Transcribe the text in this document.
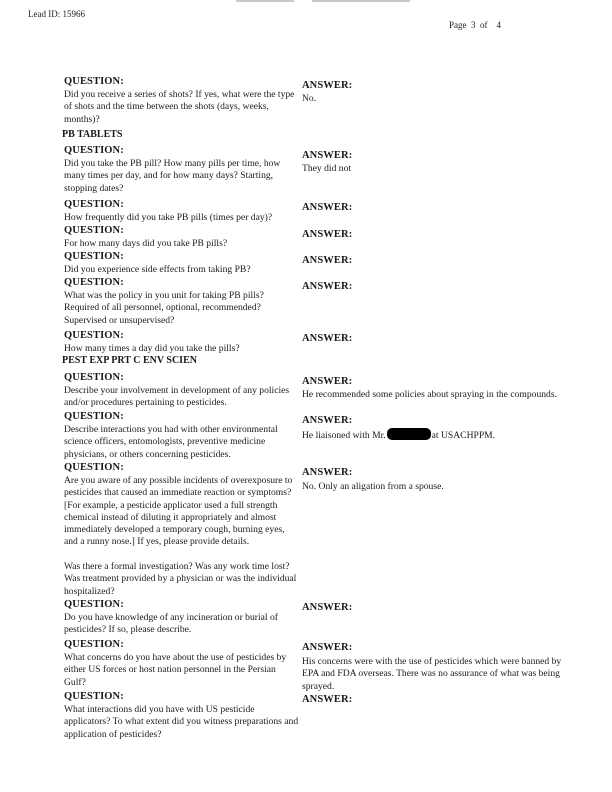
Lead ID: 15966
Page 3 of 4
QUESTION:
Did you receive a series of shots? If yes, what were the type of shots and the time between the shots (days, weeks, months)?
ANSWER:
No.
PB TABLETS
QUESTION:
Did you take the PB pill? How many pills per time, how many times per day, and for how many days? Starting, stopping dates?
ANSWER:
They did not
QUESTION:
How frequently did you take PB pills (times per day)?
ANSWER:
QUESTION:
For how many days did you take PB pills?
ANSWER:
QUESTION:
Did you experience side effects from taking PB?
ANSWER:
QUESTION:
What was the policy in you unit for taking PB pills? Required of all personnel, optional, recommended? Supervised or unsupervised?
ANSWER:
QUESTION:
How many times a day did you take the pills?
ANSWER:
PEST EXP PRT C ENV SCIEN
QUESTION:
Describe your involvement in development of any policies and/or procedures pertaining to pesticides.
ANSWER:
He recommended some policies about spraying in the compounds.
QUESTION:
Describe interactions you had with other environmental science officers, entomologists, preventive medicine physicians, or others concerning pesticides.
ANSWER:
He liaisoned with Mr.	at USACHPPM.
QUESTION:
Are you aware of any possible incidents of overexposure to pesticides that caused an immediate reaction or symptoms? [For example, a pesticide applicator used a full strength chemical instead of diluting it appropriately and almost immediately developed a temporary cough, burning eyes, and a runny nose.] If yes, please provide details.
Was there a formal investigation? Was any work time lost? Was treatment provided by a physician or was the individual hospitalized?
ANSWER:
No. Only an aligation from a spouse.
QUESTION:
Do you have knowledge of any incineration or burial of pesticides? If so, please describe.
ANSWER:
QUESTION:
What concerns do you have about the use of pesticides by either US forces or host nation personnel in the Persian Gulf?
ANSWER:
His concerns were with the use of pesticides which were banned by EPA and FDA overseas. There was no assurance of what was being sprayed.
QUESTION:
What interactions did you have with US pesticide applicators? To what extent did you witness preparations and application of pesticides?
ANSWER:
